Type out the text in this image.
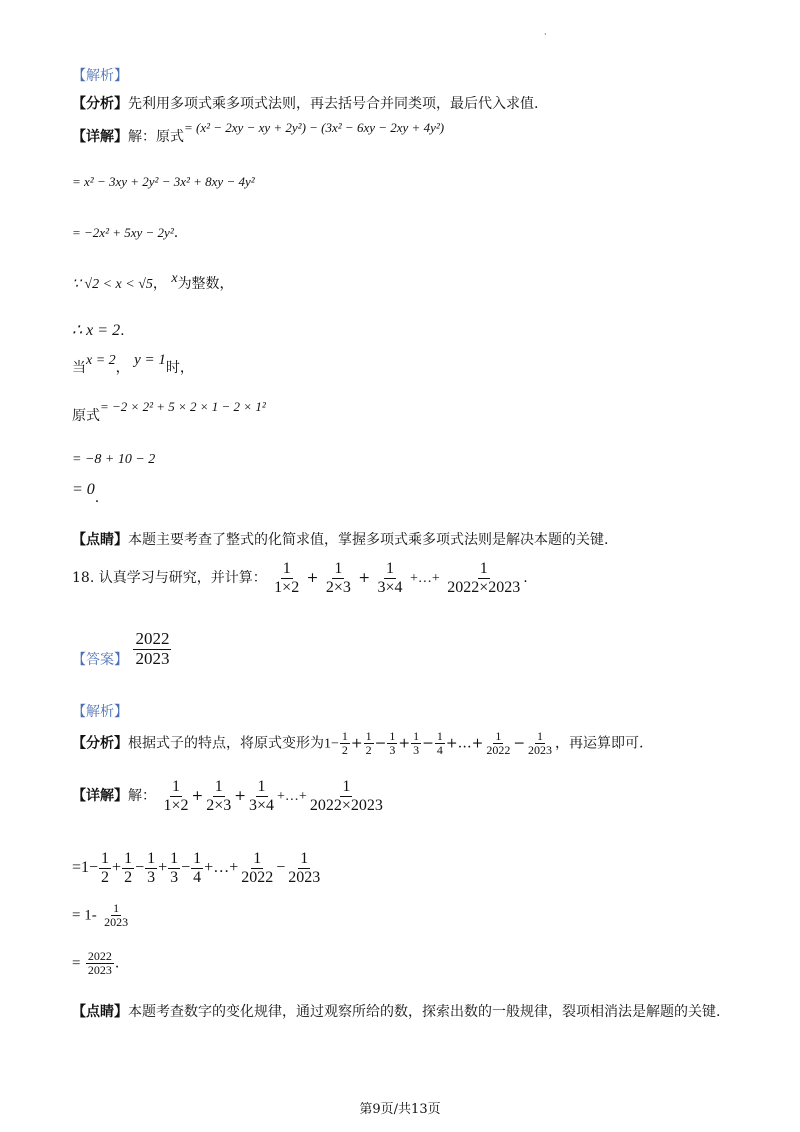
·
【解析】
【分析】先利用多项式乘多项式法则，再去括号合并同类项，最后代入求值.
【详解】解：原式= (x² − 2xy − xy + 2y²) − (3x² − 6xy − 2xy + 4y²)
= x² − 3xy + 2y² − 3x² + 8xy − 4y²
= −2x² + 5xy − 2y².
∵ √2 < x < √5， x为整数，
∴ x = 2.
当x = 2， y = 1时，
原式= −2 × 2² + 5 × 2 × 1 − 2 × 1²
= −8 + 10 − 2
= 0.
【点睛】本题主要考查了整式的化简求值，掌握多项式乘多项式法则是解决本题的关键.
18. 认真学习与研究，并计算： $\frac{1}{1\times 2} + \frac{1}{2\times 3} + \frac{1}{3\times 4}$ +…+ $\frac{1}{2022\times 2023}$ .
【答案】 $\frac{2022}{2023}$
【解析】
【分析】根据式子的特点，将原式变形为$1- \frac{1}{2} + \frac{1}{2} - \frac{1}{3} + \frac{1}{3} - \frac{1}{4}$ +…+ $\frac{1}{2022} - \frac{1}{2023}$ ，再运算即可.
【详解】解： $\frac{1}{1\times 2} + \frac{1}{2\times 3} + \frac{1}{3\times 4}$ +…+ $\frac{1}{2022\times 2023}$
$=1- \frac{1}{2} + \frac{1}{2} - \frac{1}{3} + \frac{1}{3} - \frac{1}{4}$ +…+ $\frac{1}{2022} - \frac{1}{2023}$
= $1- \frac{1}{2023}$
= $\frac{2022}{2023}$ .
【点睛】本题考查数字的变化规律，通过观察所给的数，探索出数的一般规律，裂项相消法是解题的关键.
第9页/共13页
